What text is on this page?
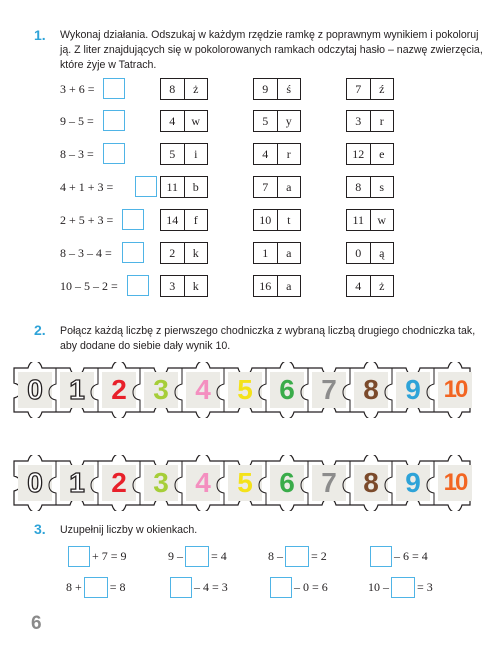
1. Wykonaj działania. Odszukaj w każdym rzędzie ramkę z poprawnym wynikiem i pokoloruj
ją. Z liter znajdujących się w pokolorowanych ramkach odczytaj hasło – nazwę zwierzęcia,
które żyje w Tatrach.
3 + 6 =	8	ż	9	ś	7	ź
9 – 5 =	4	w	5	y	3	r
8 – 3 =	5	i	4	r	12	e
4 + 1 + 3 =	11	b	7	a	8	s
2 + 5 + 3 =	14	f	10	t	11	w
8 – 3 – 4 =	2	k	1	a	0	ą
10 – 5 – 2 =	3	k	16	a	4	ż
2. Połącz każdą liczbę z pierwszego chodniczka z wybraną liczbą drugiego chodniczka tak,
aby dodane do siebie dały wynik 10.
0 1 2 3 4 5 6 7 8 9 10
0 1 2 3 4 5 6 7 8 9 10
3. Uzupełnij liczby w okienkach.
+ 7 = 9	9 – = 4	8 – = 2	– 6 = 4
8 + = 8	– 4 = 3	– 0 = 6	10 – = 3
6
